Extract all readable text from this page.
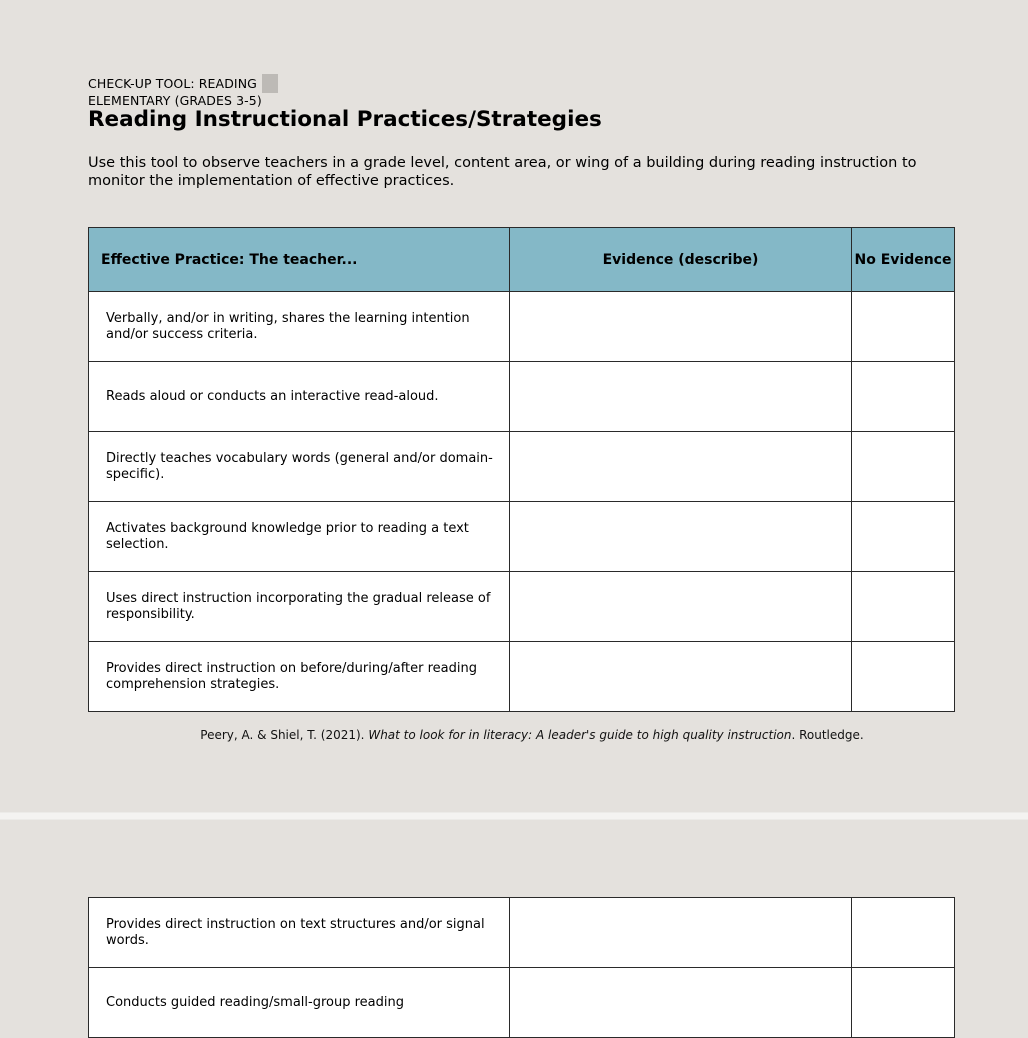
CHECK-UP TOOL: READING
ELEMENTARY (GRADES 3-5)
Reading Instructional Practices/Strategies

Use this tool to observe teachers in a grade level, content area, or wing of a building during reading instruction to monitor the implementation of effective practices.

Effective Practice: The teacher...	Evidence (describe)	No Evidence
Verbally, and/or in writing, shares the learning intention and/or success criteria.		
Reads aloud or conducts an interactive read-aloud.		
Directly teaches vocabulary words (general and/or domain-specific).		
Activates background knowledge prior to reading a text selection.		
Uses direct instruction incorporating the gradual release of responsibility.		
Provides direct instruction on before/during/after reading comprehension strategies.		
Peery, A. & Shiel, T. (2021). What to look for in literacy: A leader's guide to high quality instruction. Routledge.
Provides direct instruction on text structures and/or signal words.		
Conducts guided reading/small-group reading		
